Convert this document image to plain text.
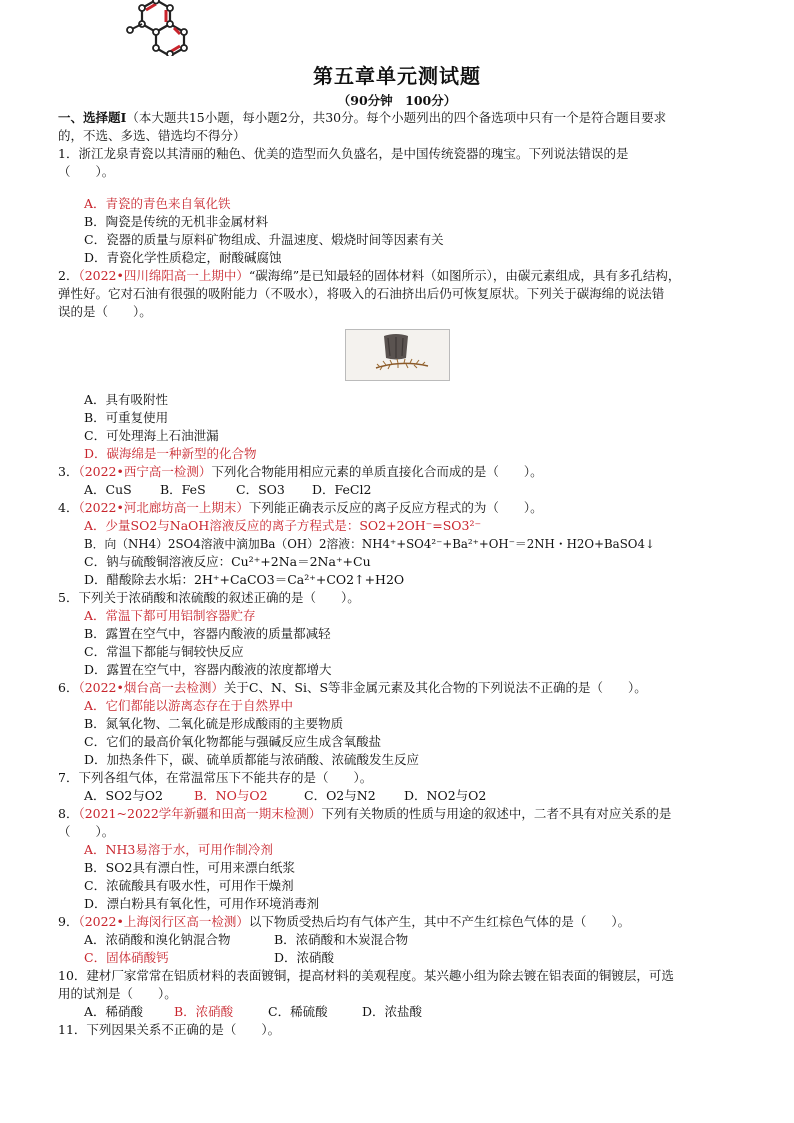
第五章单元测试题
（90分钟　100分）
一、选择题Ⅰ（本大题共15小题，每小题2分，共30分。每个小题列出的四个备选项中只有一个是符合题目要求
的，不选、多选、错选均不得分）
1．浙江龙泉青瓷以其清丽的釉色、优美的造型而久负盛名，是中国传统瓷器的瑰宝。下列说法错误的是
（　　）。
A．青瓷的青色来自氧化铁
B．陶瓷是传统的无机非金属材料
C．瓷器的质量与原料矿物组成、升温速度、煅烧时间等因素有关
D．青瓷化学性质稳定，耐酸碱腐蚀
2．（2022•四川绵阳高一上期中）“碳海绵”是已知最轻的固体材料（如图所示），由碳元素组成，具有多孔结构，
弹性好。它对石油有很强的吸附能力（不吸水），将吸入的石油挤出后仍可恢复原状。下列关于碳海绵的说法错
误的是（　　）。
A．具有吸附性
B．可重复使用
C．可处理海上石油泄漏
D．碳海绵是一种新型的化合物
3．（2022•西宁高一检测）下列化合物能用相应元素的单质直接化合而成的是（　　）。
A．CuS B．FeS C．SO3 D．FeCl2
4．（2022•河北廊坊高一上期末）下列能正确表示反应的离子反应方程式的为（　　）。
A．少量SO2与NaOH溶液反应的离子方程式是：SO2+2OH⁻=SO3²⁻
B．向（NH4）2SO4溶液中滴加Ba（OH）2溶液：NH4⁺+SO4²⁻+Ba²⁺+OH⁻＝2NH・H2O+BaSO4↓
C．钠与硫酸铜溶液反应：Cu²⁺+2Na＝2Na⁺+Cu
D．醋酸除去水垢：2H⁺+CaCO3＝Ca²⁺+CO2↑+H2O
5．下列关于浓硝酸和浓硫酸的叙述正确的是（　　）。
A．常温下都可用铝制容器贮存
B．露置在空气中，容器内酸液的质量都减轻
C．常温下都能与铜较快反应
D．露置在空气中，容器内酸液的浓度都增大
6．（2022•烟台高一去检测）关于C、N、Si、S等非金属元素及其化合物的下列说法不正确的是（　　）。
A．它们都能以游离态存在于自然界中
B．氮氧化物、二氧化硫是形成酸雨的主要物质
C．它们的最高价氧化物都能与强碱反应生成含氧酸盐
D．加热条件下，碳、硫单质都能与浓硝酸、浓硫酸发生反应
7．下列各组气体，在常温常压下不能共存的是（　　）。
A．SO2与O2 B．NO与O2	C．O2与N2 D．NO2与O2
8．（2021~2022学年新疆和田高一期末检测）下列有关物质的性质与用途的叙述中，二者不具有对应关系的是
（　　）。
A．NH3易溶于水，可用作制冷剂
B．SO2具有漂白性，可用来漂白纸浆
C．浓硫酸具有吸水性，可用作干燥剂
D．漂白粉具有氧化性，可用作环境消毒剂
9．（2022•上海闵行区高一检测）以下物质受热后均有气体产生，其中不产生红棕色气体的是（　　）。
A．浓硝酸和溴化钠混合物	B．浓硝酸和木炭混合物
C．固体硝酸钙	D．浓硝酸
10．建材厂家常常在铝质材料的表面镀铜，提高材料的美观程度。某兴趣小组为除去镀在铝表面的铜镀层，可选
用的试剂是（　　）。
A．稀硝酸 B．浓硝酸	C．稀硫酸	D．浓盐酸
11．下列因果关系不正确的是（　　）。
